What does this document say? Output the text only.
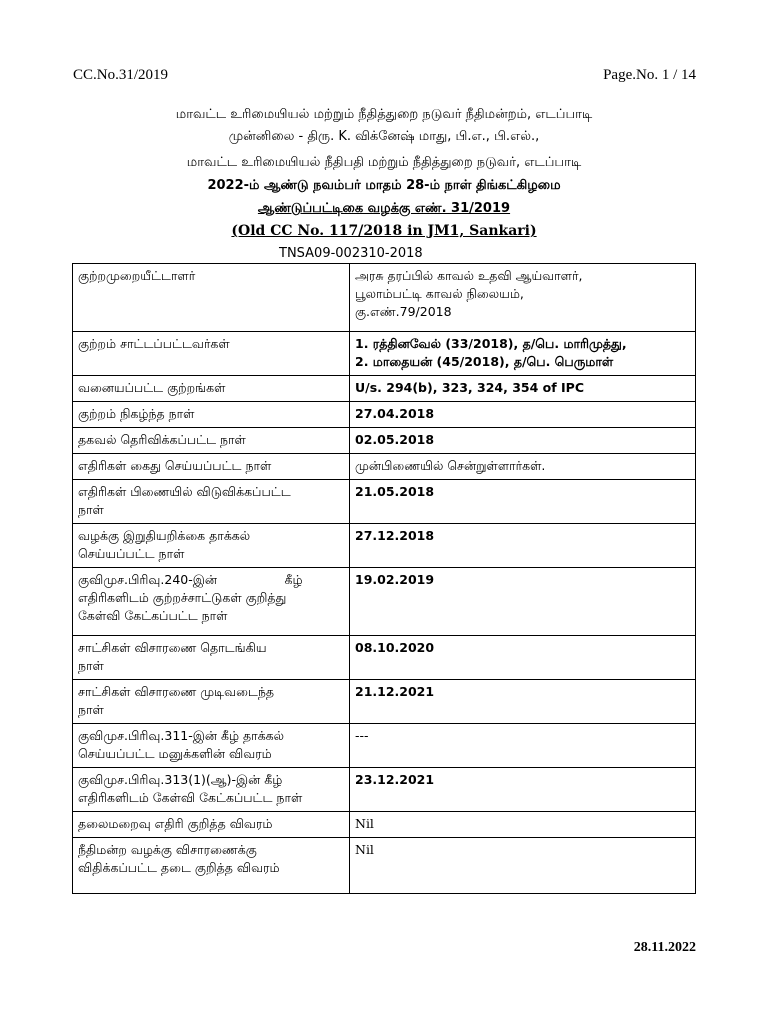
CC.No.31/2019	Page.No. 1 / 14
மாவட்ட உரிமையியல் மற்றும் நீதித்துறை நடுவர் நீதிமன்றம், எடப்பாடி
முன்னிலை - திரு. K. விக்னேஷ் மாது, பி.எ., பி.எல்.,
மாவட்ட உரிமையியல் நீதிபதி மற்றும் நீதித்துறை நடுவர், எடப்பாடி
2022-ம் ஆண்டு நவம்பர் மாதம் 28-ம் நாள் திங்கட்கிழமை
ஆண்டுப்பட்டிகை வழக்கு எண். 31/2019
(Old CC No. 117/2018 in JM1, Sankari)
TNSA09-002310-2018
குற்றமுறையீட்டாளர்	அரசு தரப்பில் காவல் உதவி ஆய்வாளர்,
பூலாம்பட்டி காவல் நிலையம்,
கு.எண்.79/2018

குற்றம் சாட்டப்பட்டவர்கள்	1. ரத்தினவேல் (33/2018), த/பெ. மாரிமுத்து,
2. மாதையன் (45/2018), த/பெ. பெருமாள்

வனையப்பட்ட குற்றங்கள்	U/s. 294(b), 323, 324, 354 of IPC

குற்றம் நிகழ்ந்த நாள்	27.04.2018

தகவல் தெரிவிக்கப்பட்ட நாள்	02.05.2018

எதிரிகள் கைது செய்யப்பட்ட நாள்	முன்பிணையில் சென்றுள்ளார்கள்.

எதிரிகள் பிணையில் விடுவிக்கப்பட்ட
நாள்	21.05.2018

வழக்கு இறுதியறிக்கை தாக்கல்
செய்யப்பட்ட நாள்	27.12.2018

குவிமுச.பிரிவு.240-இன்                 கீழ்
எதிரிகளிடம் குற்றச்சாட்டுகள் குறித்து
கேள்வி கேட்கப்பட்ட நாள்	19.02.2019

சாட்சிகள் விசாரணை தொடங்கிய
நாள்	08.10.2020

சாட்சிகள் விசாரணை முடிவடைந்த
நாள்	21.12.2021

குவிமுச.பிரிவு.311-இன் கீழ் தாக்கல்
செய்யப்பட்ட மனுக்களின் விவரம்	---

குவிமுச.பிரிவு.313(1)(ஆ)-இன் கீழ்
எதிரிகளிடம் கேள்வி கேட்கப்பட்ட நாள்	23.12.2021

தலைமறைவு எதிரி குறித்த விவரம்	Nil

நீதிமன்ற வழக்கு விசாரணைக்கு
விதிக்கப்பட்ட தடை குறித்த விவரம்	Nil
28.11.2022
